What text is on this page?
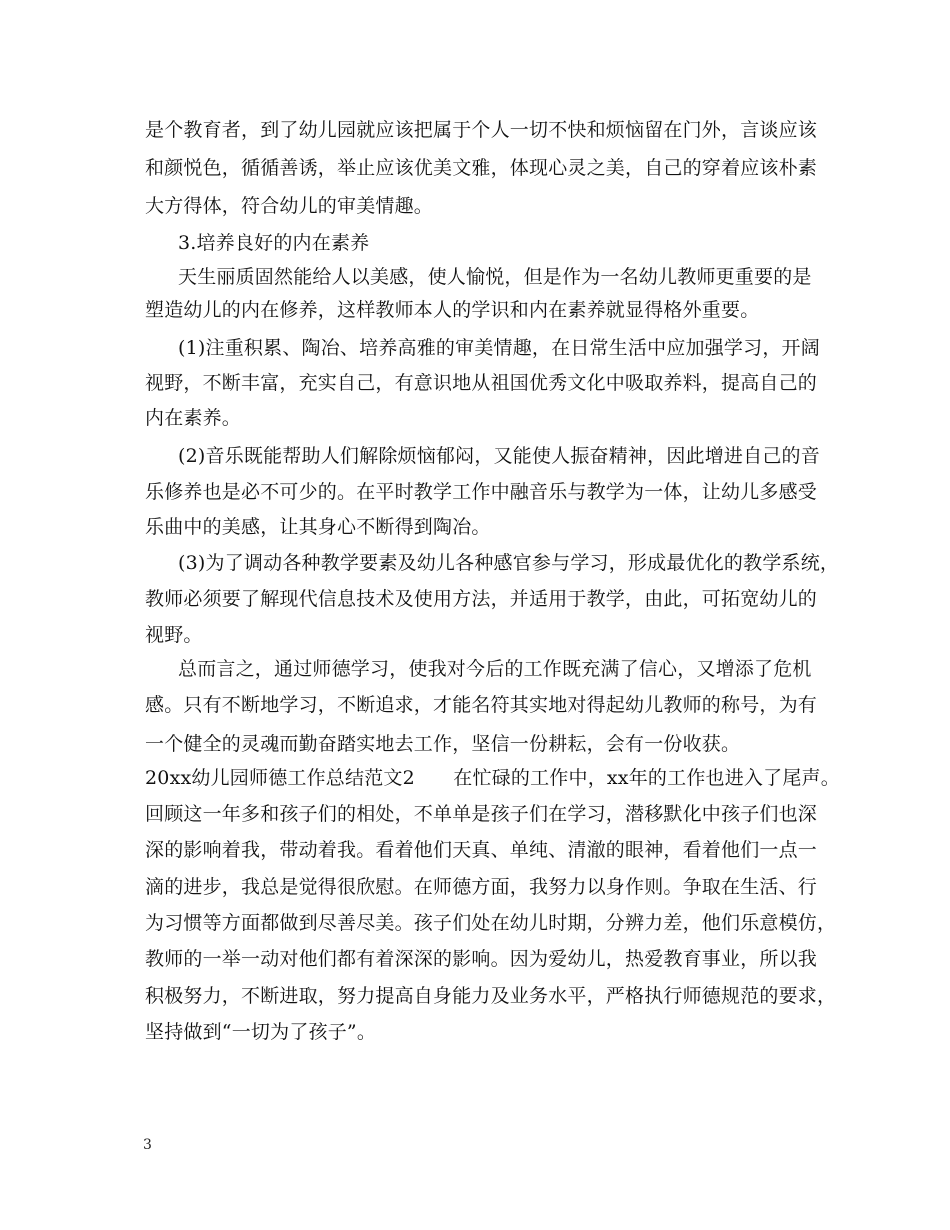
是个教育者，到了幼儿园就应该把属于个人一切不快和烦恼留在门外，言谈应该
和颜悦色，循循善诱，举止应该优美文雅，体现心灵之美，自己的穿着应该朴素
大方得体，符合幼儿的审美情趣。
3.培养良好的内在素养
天生丽质固然能给人以美感，使人愉悦，但是作为一名幼儿教师更重要的是
塑造幼儿的内在修养，这样教师本人的学识和内在素养就显得格外重要。
(1)注重积累、陶冶、培养高雅的审美情趣，在日常生活中应加强学习，开阔
视野，不断丰富，充实自己，有意识地从祖国优秀文化中吸取养料，提高自己的
内在素养。
(2)音乐既能帮助人们解除烦恼郁闷，又能使人振奋精神，因此增进自己的音
乐修养也是必不可少的。在平时教学工作中融音乐与教学为一体，让幼儿多感受
乐曲中的美感，让其身心不断得到陶冶。
(3)为了调动各种教学要素及幼儿各种感官参与学习，形成最优化的教学系统，
教师必须要了解现代信息技术及使用方法，并适用于教学，由此，可拓宽幼儿的
视野。
总而言之，通过师德学习，使我对今后的工作既充满了信心，又增添了危机
感。只有不断地学习，不断追求，才能名符其实地对得起幼儿教师的称号，为有
一个健全的灵魂而勤奋踏实地去工作，坚信一份耕耘，会有一份收获。
20xx幼儿园师德工作总结范文2　　在忙碌的工作中，xx年的工作也进入了尾声。
回顾这一年多和孩子们的相处，不单单是孩子们在学习，潜移默化中孩子们也深
深的影响着我，带动着我。看着他们天真、单纯、清澈的眼神，看着他们一点一
滴的进步，我总是觉得很欣慰。在师德方面，我努力以身作则。争取在生活、行
为习惯等方面都做到尽善尽美。孩子们处在幼儿时期，分辨力差，他们乐意模仿，
教师的一举一动对他们都有着深深的影响。因为爱幼儿，热爱教育事业，所以我
积极努力，不断进取，努力提高自身能力及业务水平，严格执行师德规范的要求，
坚持做到“一切为了孩子”。
3
